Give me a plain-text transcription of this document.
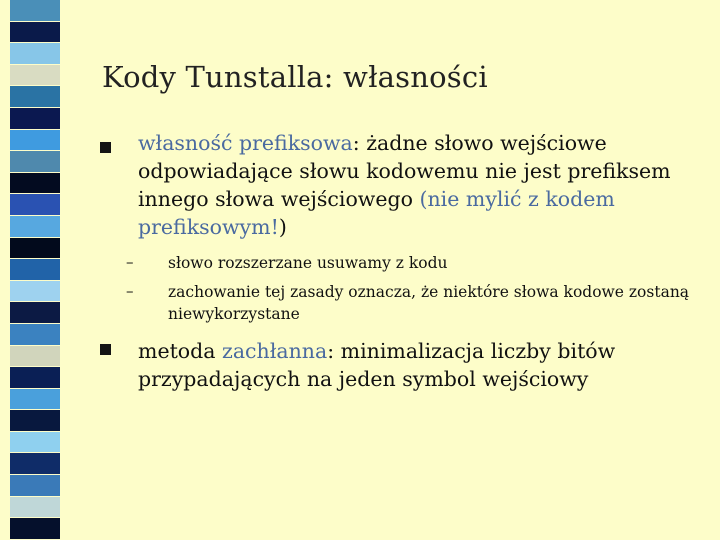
Kody Tunstalla: własności
własność prefiksowa: żadne słowo wejściowe odpowiadające słowu kodowemu nie jest prefiksem innego słowa wejściowego (nie mylić z kodem prefiksowym!)
– słowo rozszerzane usuwamy z kodu
– zachowanie tej zasady oznacza, że niektóre słowa kodowe zostaną niewykorzystane
metoda zachłanna: minimalizacja liczby bitów przypadających na jeden symbol wejściowy
